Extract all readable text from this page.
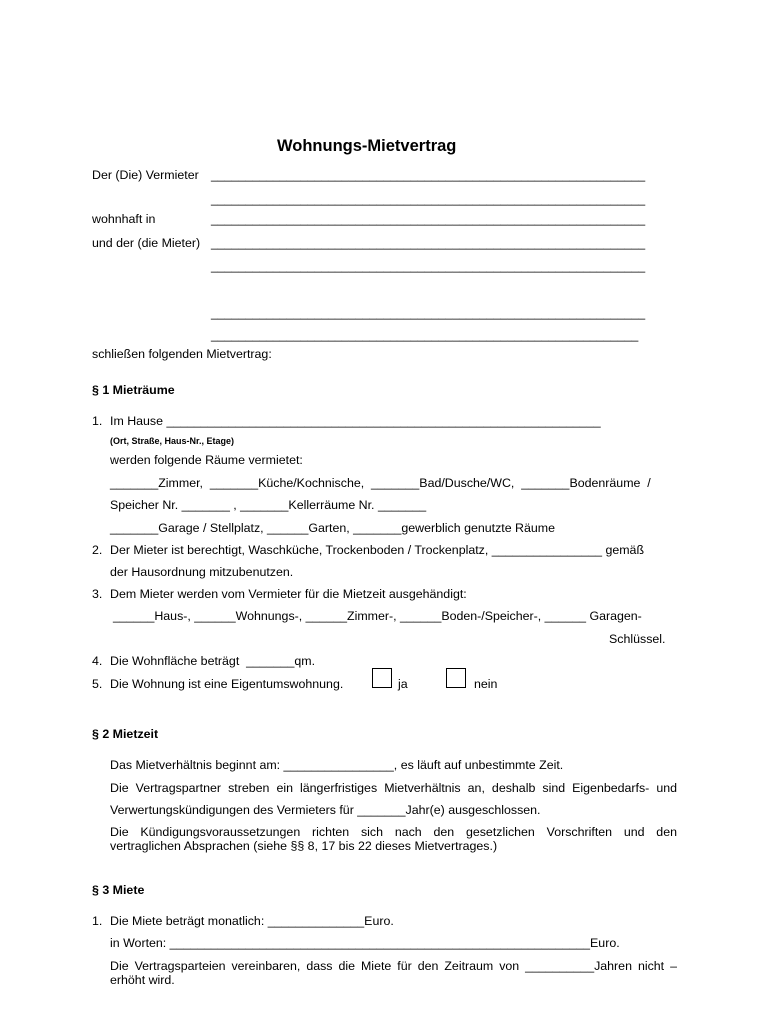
Wohnungs-Mietvertrag
Der (Die) Vermieter _______________________________________________________________
_______________________________________________________________
wohnhaft in	_______________________________________________________________
und der (die Mieter) _______________________________________________________________
_______________________________________________________________
_______________________________________________________________
______________________________________________________________
schließen folgenden Mietvertrag:
§ 1 Mieträume
1. Im Hause _______________________________________________________________
(Ort, Straße, Haus-Nr., Etage)
werden folgende Räume vermietet:
_______Zimmer,  _______Küche/Kochnische,  _______Bad/Dusche/WC,  _______Bodenräume  /
Speicher Nr. _______ , _______Kellerräume Nr. _______
_______Garage / Stellplatz, ______Garten, _______gewerblich genutzte Räume
2. Der Mieter ist berechtigt, Waschküche, Trockenboden / Trockenplatz, ________________ gemäß
der Hausordnung mitzubenutzen.
3. Dem Mieter werden vom Vermieter für die Mietzeit ausgehändigt:
______Haus-, ______Wohnungs-, ______Zimmer-, ______Boden-/Speicher-, ______ Garagen-
Schlüssel.
4. Die Wohnfläche beträgt  _______qm.
5. Die Wohnung ist eine Eigentumswohnung.	ja	nein
§ 2 Mietzeit
Das Mietverhältnis beginnt am: ________________, es läuft auf unbestimmte Zeit.
Die Vertragspartner streben ein längerfristiges Mietverhältnis an, deshalb sind Eigenbedarfs- und
Verwertungskündigungen des Vermieters für _______Jahr(e) ausgeschlossen.
Die Kündigungsvoraussetzungen richten sich nach den gesetzlichen Vorschriften und den
vertraglichen Absprachen (siehe §§ 8, 17 bis 22 dieses Mietvertrages.)
§ 3 Miete
1. Die Miete beträgt monatlich: ______________Euro.
in Worten: _____________________________________________________________Euro.
Die Vertragsparteien vereinbaren, dass die Miete für den Zeitraum von __________Jahren nicht –
erhöht wird.
